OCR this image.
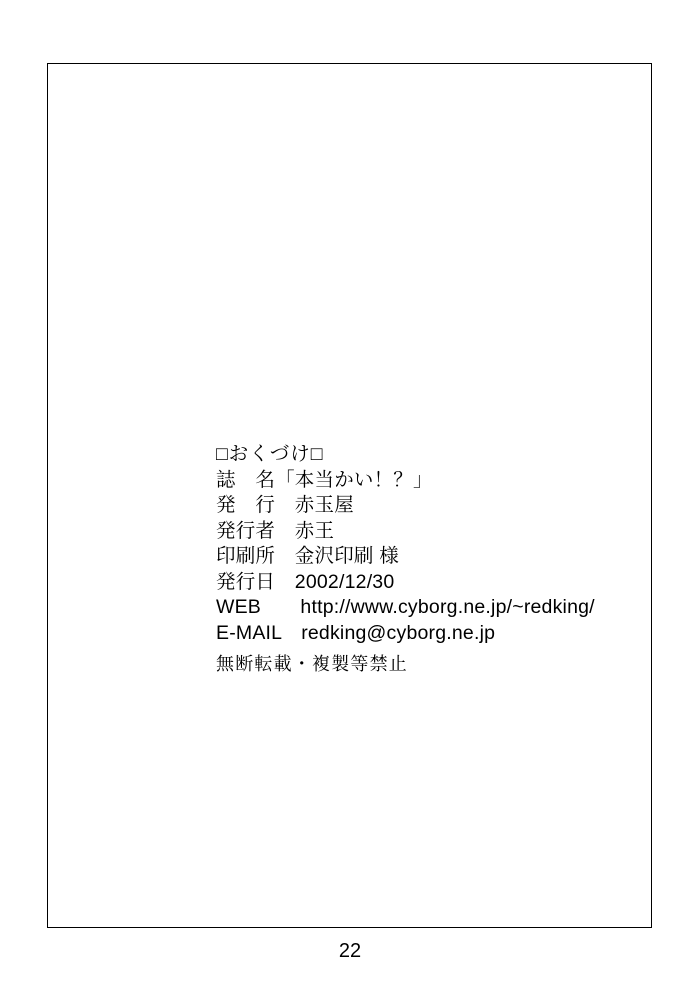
□おくづけ□
誌　名「本当かい！？」
発　行　赤玉屋
発行者　赤王
印刷所　金沢印刷 様
発行日　2002/12/30
WEB　　http://www.cyborg.ne.jp/~redking/
E-MAIL　redking@cyborg.ne.jp
無断転載・複製等禁止
22
